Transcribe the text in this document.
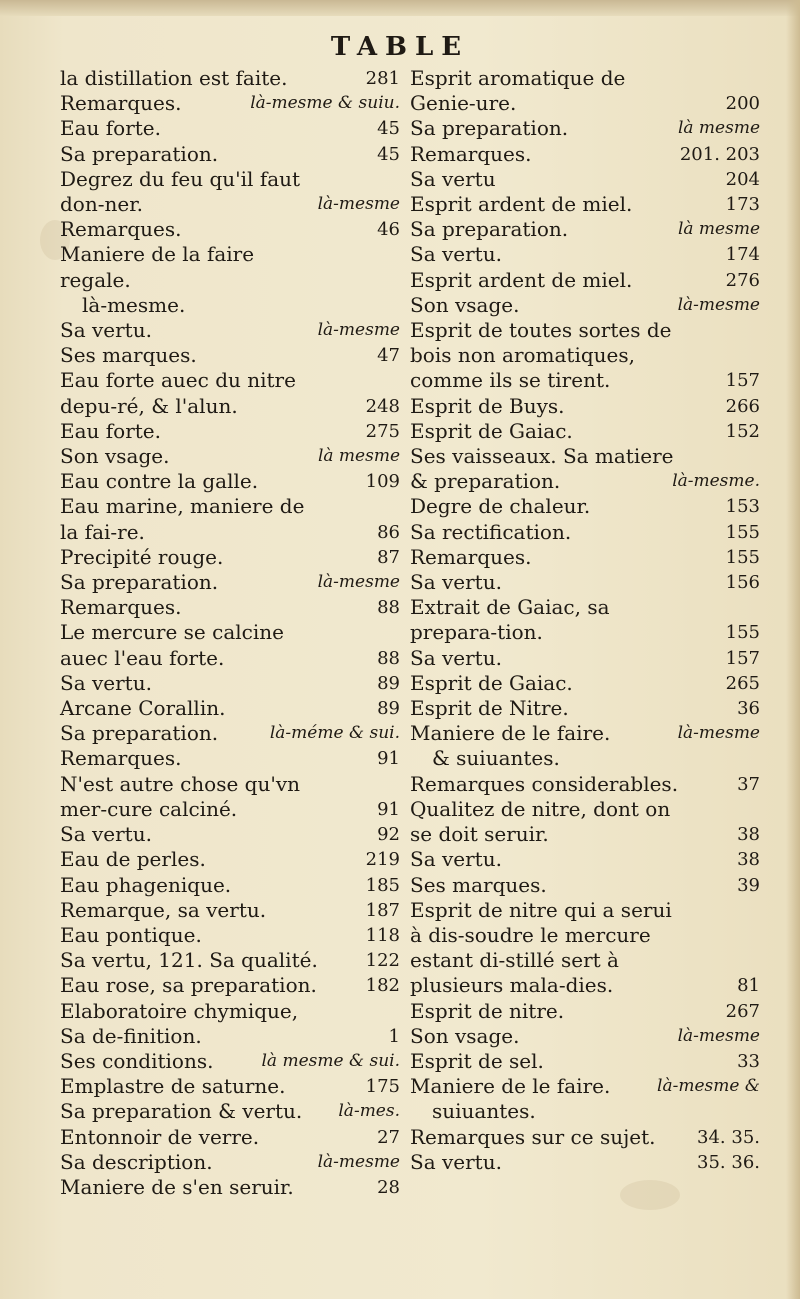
TABLE
la distillation est faite.	281
Remarques.	là-mesme & suiu.
Eau forte.	45
Sa preparation.	45
Degrez du feu qu'il faut don-ner.	là-mesme
Remarques.	46
Maniere de la faire regale.
là-mesme.
Sa vertu.	là-mesme
Ses marques.	47
Eau forte auec du nitre depu-ré, & l'alun.	248
Eau forte.	275
Son vsage.	là mesme
Eau contre la galle.	109
Eau marine, maniere de la fai-re.	86
Precipité rouge.	87
Sa preparation.	là-mesme
Remarques.	88
Le mercure se calcine auec l'eau forte.	88
Sa vertu.	89
Arcane Corallin.	89
Sa preparation.	là-méme & sui.
Remarques.	91
N'est autre chose qu'vn mer-cure calciné.	91
Sa vertu.	92
Eau de perles.	219
Eau phagenique.	185
Remarque, sa vertu.	187
Eau pontique.	118
Sa vertu, 121. Sa qualité.	122
Eau rose, sa preparation.	182
Elaboratoire chymique, Sa de-finition.	1
Ses conditions.	là mesme & sui.
Emplastre de saturne.	175
Sa preparation & vertu.	là-mes.
Entonnoir de verre.	27
Sa description.	là-mesme
Maniere de s'en seruir.	28
Esprit aromatique de Genie-ure.	200
Sa preparation.	là mesme
Remarques.	201. 203
Sa vertu	204
Esprit ardent de miel.	173
Sa preparation.	là mesme
Sa vertu.	174
Esprit ardent de miel.	276
Son vsage.	là-mesme
Esprit de toutes sortes de bois non aromatiques, comme ils se tirent.	157
Esprit de Buys.	266
Esprit de Gaiac.	152
Ses vaisseaux. Sa matiere & preparation.	là-mesme.
Degre de chaleur.	153
Sa rectification.	155
Remarques.	155
Sa vertu.	156
Extrait de Gaiac, sa prepara-tion.	155
Sa vertu.	157
Esprit de Gaiac.	265
Esprit de Nitre.	36
Maniere de le faire.	là-mesme
& suiuantes.
Remarques considerables.	37
Qualitez de nitre, dont on se doit seruir.	38
Sa vertu.	38
Ses marques.	39
Esprit de nitre qui a serui à dis-soudre le mercure estant di-stillé sert à plusieurs mala-dies.	81
Esprit de nitre.	267
Son vsage.	là-mesme
Esprit de sel.	33
Maniere de le faire.	là-mesme &
suiuantes.
Remarques sur ce sujet.	34. 35.
Sa vertu.	35. 36.
